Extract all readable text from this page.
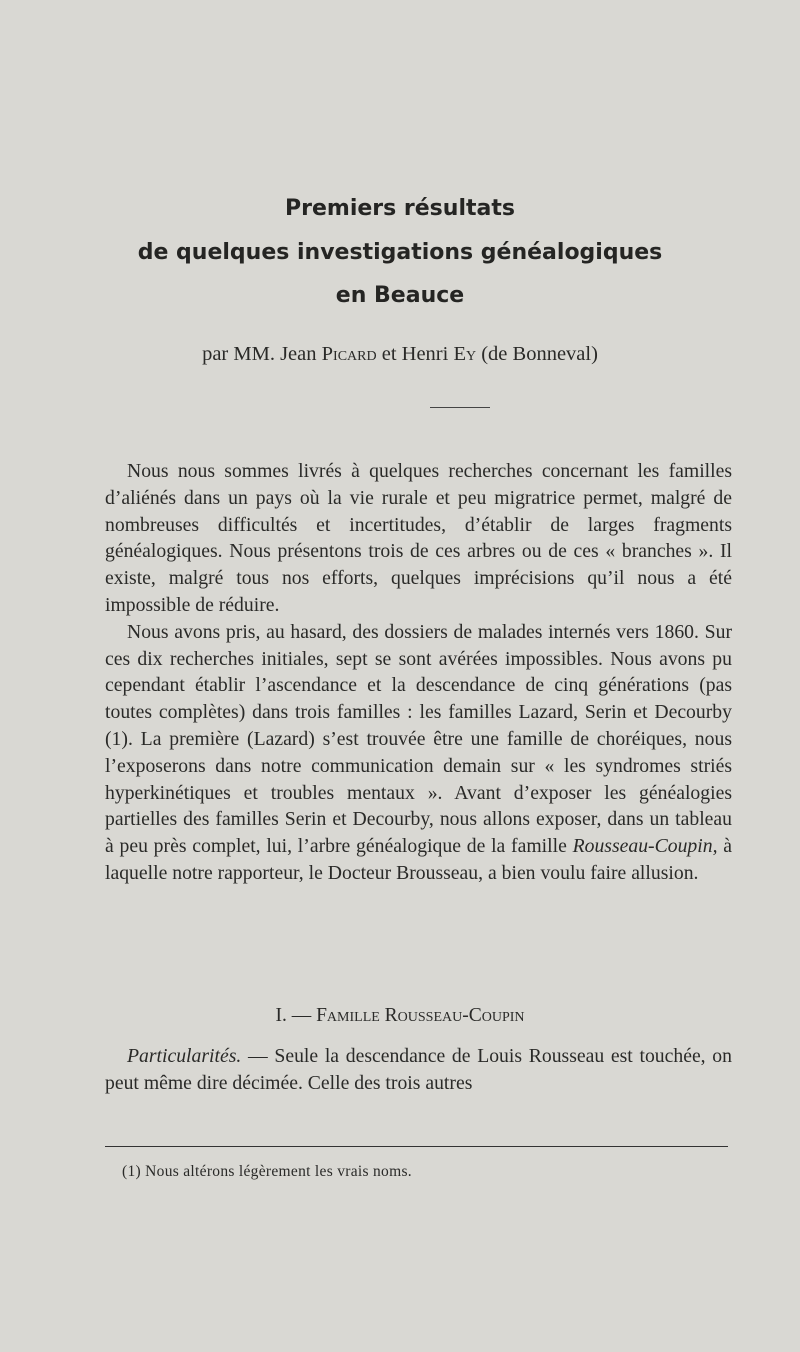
Premiers résultats
de quelques investigations généalogiques
en Beauce
par MM. Jean Picard et Henri Ey (de Bonneval)

Nous nous sommes livrés à quelques recherches concernant les familles d’aliénés dans un pays où la vie rurale et peu migratrice permet, malgré de nombreuses difficultés et incertitudes, d’établir de larges fragments généalogiques. Nous présentons trois de ces arbres ou de ces « branches ». Il existe, malgré tous nos efforts, quelques imprécisions qu’il nous a été impossible de réduire.

Nous avons pris, au hasard, des dossiers de malades internés vers 1860. Sur ces dix recherches initiales, sept se sont avérées impossibles. Nous avons pu cependant établir l’ascendance et la descendance de cinq générations (pas toutes complètes) dans trois familles : les familles Lazard, Serin et Decourby (1). La première (Lazard) s’est trouvée être une famille de choréiques, nous l’exposerons dans notre communication demain sur « les syndromes striés hyperkinétiques et troubles mentaux ». Avant d’exposer les généalogies partielles des familles Serin et Decourby, nous allons exposer, dans un tableau à peu près complet, lui, l’arbre généalogique de la famille Rousseau-Coupin, à laquelle notre rapporteur, le Docteur Brousseau, a bien voulu faire allusion.

I. — Famille Rousseau-Coupin

Particularités. — Seule la descendance de Louis Rousseau est touchée, on peut même dire décimée. Celle des trois autres

(1) Nous altérons légèrement les vrais noms.
